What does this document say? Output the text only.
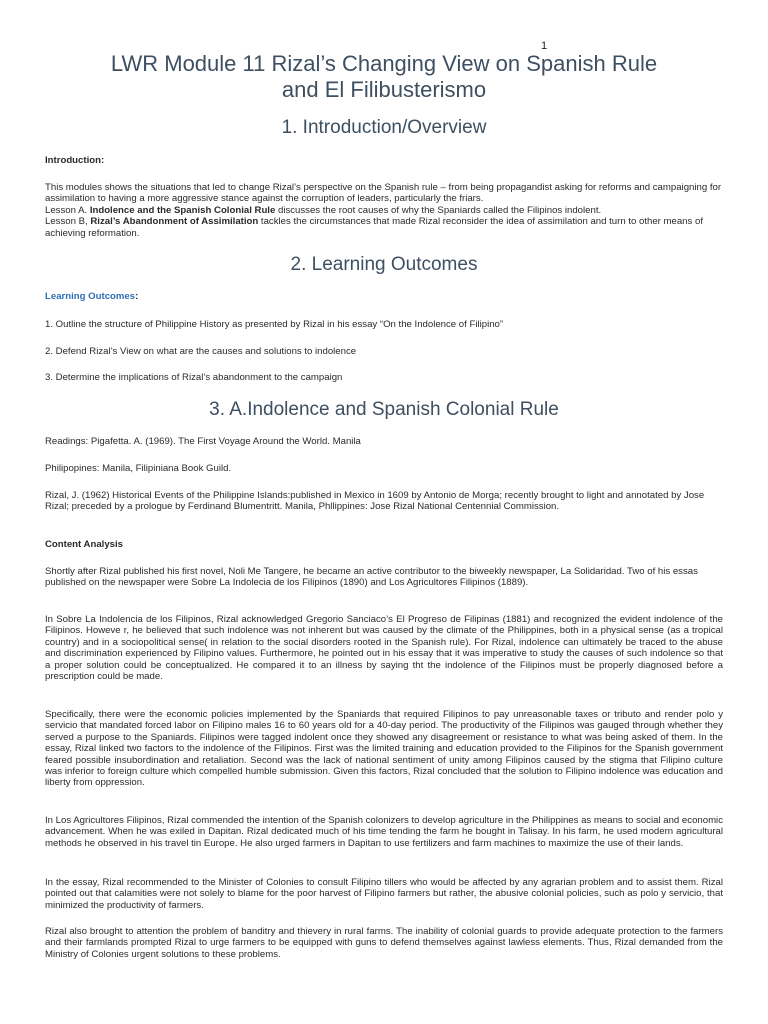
1
LWR Module 11 Rizal’s Changing View on Spanish Rule
and El Filibusterismo
1. Introduction/Overview

Introduction:

This modules shows the situations that led to change Rizal’s perspective on the Spanish rule – from being propagandist asking for reforms and campaigning for assimilation to having a more aggressive stance against the corruption of leaders, particularly the friars.
Lesson A. Indolence and the Spanish Colonial Rule discusses the root causes of why the Spaniards called the Filipinos indolent.
Lesson B, Rizal’s Abandonment of Assimilation tackles the circumstances that made Rizal reconsider the idea of assimilation and turn to other means of achieving reformation.

2. Learning Outcomes

Learning Outcomes:

1. Outline the structure of Philippine History as presented by Rizal in his essay “On the Indolence of Filipino”

2. Defend Rizal’s View on what are the causes and solutions to indolence

3. Determine the implications of Rizal’s abandonment to the campaign

3. A.Indolence and Spanish Colonial Rule

Readings: Pigafetta. A. (1969). The First Voyage Around the World. Manila

Philipopines: Manila, Filipiniana Book Guild.

Rizal, J. (1962) Historical Events of the Philippine Islands:published in Mexico in 1609 by Antonio de Morga; recently brought to light and annotated by Jose Rizal; preceded by a prologue by Ferdinand Blumentritt. Manila, Phllippines: Jose Rizal National Centennial Commission.

Content Analysis

Shortly after Rizal published his first novel, Noli Me Tangere, he became an active contributor to the biweekly newspaper, La Solidaridad. Two of his essas published on the newspaper were Sobre La Indolecia de los Filipinos (1890) and Los Agricultores Filipinos (1889).

In Sobre La Indolencia de los Filipinos, Rizal acknowledged Gregorio Sanciaco’s El Progreso de Filipinas (1881) and recognized the evident indolence of the Filipinos. Howeve r, he believed that such indolence was not inherent but was caused by the climate of the Philippines, both in a physical sense (as a tropical country) and in a sociopolitical sense( in relation to the social disorders rooted in the Spanish rule). For Rizal, indolence can ultimately be traced to the abuse and discrimination experienced by Filipino values. Furthermore, he pointed out in his essay that it was imperative to study the causes of such indolence so that a proper solution could be conceptualized. He compared it to an illness by saying tht the indolence of the Filipinos must be properly diagnosed before a prescription could be made.

Specifically, there were the economic policies implemented by the Spaniards that required Filipinos to pay unreasonable taxes or tributo and render polo y servicio that mandated forced labor on Filipino males 16 to 60 years old for a 40-day period. The productivity of the Filipinos was gauged through whether they served a purpose to the Spaniards. Filipinos were tagged indolent once they showed any disagreement or resistance to what was being asked of them. In the essay, Rizal linked two factors to the indolence of the Filipinos. First was the limited training and education provided to the Filipinos for the Spanish government feared possible insubordination and retaliation. Second was the lack of national sentiment of unity among Filipinos caused by the stigma that Filipino culture was inferior to foreign culture which compelled humble submission. Given this factors, Rizal concluded that the solution to Filipino indolence was education and liberty from oppression.

In Los Agricultores Filipinos, Rizal commended the intention of the Spanish colonizers to develop agriculture in the Philippines as means to social and economic advancement. When he was exiled in Dapitan. Rizal dedicated much of his time tending the farm he bought in Talisay. In his farm, he used modern agricultural methods he observed in his travel tin Europe. He also urged farmers in Dapitan to use fertilizers and farm machines to maximize the use of their lands.

In the essay, Rizal recommended to the Minister of Colonies to consult Filipino tillers who would be affected by any agrarian problem and to assist them. Rizal pointed out that calamities were not solely to blame for the poor harvest of Filipino farmers but rather, the abusive colonial policies, such as polo y servicio, that minimized the productivity of farmers.

Rizal also brought to attention the problem of banditry and thievery in rural farms. The inability of colonial guards to provide adequate protection to the farmers and their farmlands prompted Rizal to urge farmers to be equipped with guns to defend themselves against lawless elements. Thus, Rizal demanded from the Ministry of Colonies urgent solutions to these problems.
